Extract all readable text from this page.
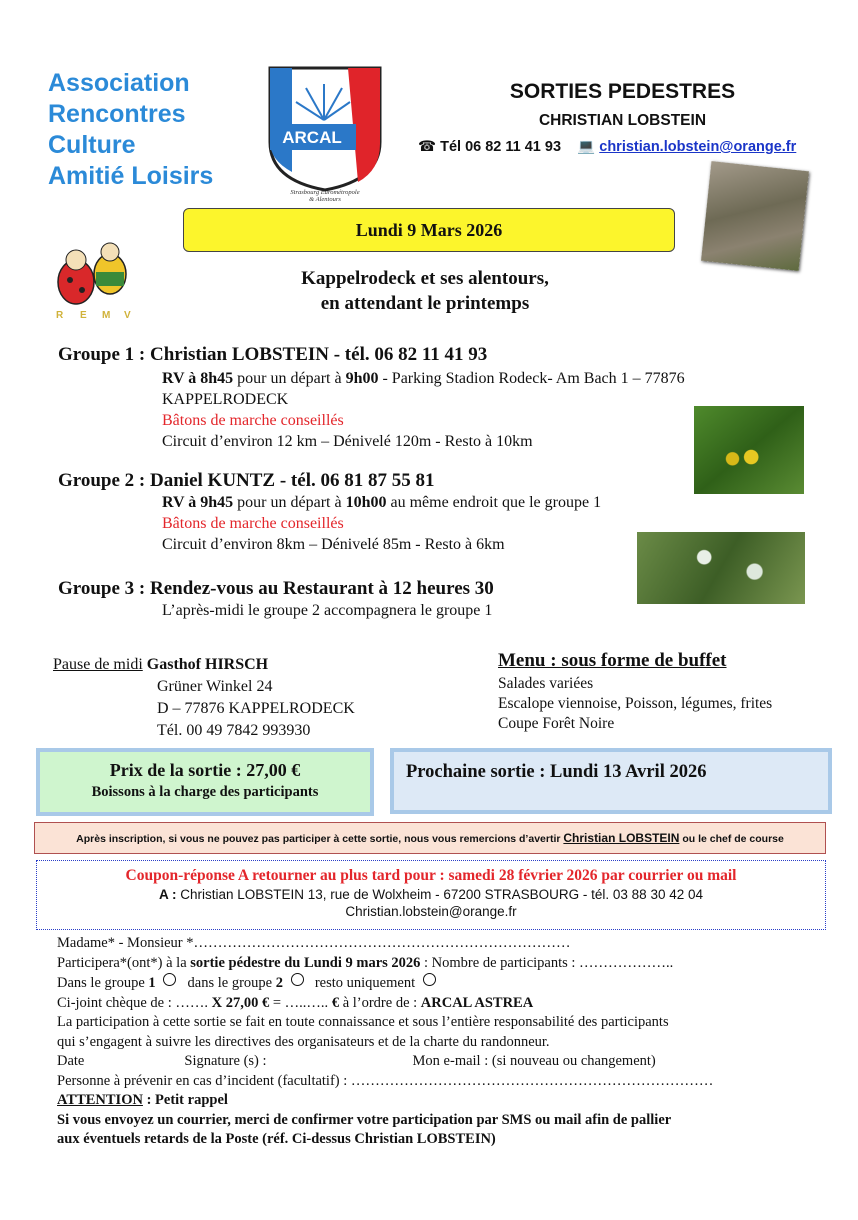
Association
Rencontres
Culture
Amitié Loisirs
ARCAL
Strasbourg Eurométropole
& Alentours
SORTIES PEDESTRES
CHRISTIAN LOBSTEIN
☎ Tél 06 82 11 41 93 💻 christian.lobstein@orange.fr
Lundi 9 Mars 2026
R E M V
Kappelrodeck et ses alentours,
en attendant le printemps
Groupe 1 : Christian LOBSTEIN - tél. 06 82 11 41 93
RV à 8h45 pour un départ à 9h00 - Parking Stadion Rodeck- Am Bach 1 – 77876
KAPPELRODECK
Bâtons de marche conseillés
Circuit d’environ 12 km – Dénivelé 120m - Resto à 10km
Groupe 2 : Daniel KUNTZ - tél. 06 81 87 55 81
RV à 9h45 pour un départ à 10h00 au même endroit que le groupe 1
Bâtons de marche conseillés
Circuit d’environ 8km – Dénivelé 85m - Resto à 6km
Groupe 3 : Rendez-vous au Restaurant à 12 heures 30
L’après-midi le groupe 2 accompagnera le groupe 1
Pause de midi Gasthof HIRSCH
Grüner Winkel 24
D – 77876 KAPPELRODECK
Tél. 00 49 7842 993930
Menu : sous forme de buffet
Salades variées
Escalope viennoise, Poisson, légumes, frites
Coupe Forêt Noire
Prix de la sortie : 27,00 €
Boissons à la charge des participants
Prochaine sortie : Lundi 13 Avril 2026
Après inscription, si vous ne pouvez pas participer à cette sortie, nous vous remercions d’avertir Christian LOBSTEIN ou le chef de course
Coupon-réponse A retourner au plus tard pour : samedi 28 février 2026 par courrier ou mail
A : Christian LOBSTEIN 13, rue de Wolxheim - 67200 STRASBOURG - tél. 03 88 30 42 04
Christian.lobstein@orange.fr
Madame* - Monsieur *……………………………………………………………………
Participera*(ont*) à la sortie pédestre du Lundi 9 mars 2026 : Nombre de participants : ………………..
Dans le groupe 1 dans le groupe 2 resto uniquement
Ci-joint chèque de : ……. X 27,00 € = …..….. € à l’ordre de : ARCAL ASTREA
La participation à cette sortie se fait en toute connaissance et sous l’entière responsabilité des participants
qui s’engagent à suivre les directives des organisateurs et de la charte du randonneur.
Date	Signature (s) :	Mon e-mail : (si nouveau ou changement)
Personne à prévenir en cas d’incident (facultatif) : …………………………………………………………………
ATTENTION : Petit rappel
Si vous envoyez un courrier, merci de confirmer votre participation par SMS ou mail afin de pallier
aux éventuels retards de la Poste (réf. Ci-dessus Christian LOBSTEIN)
